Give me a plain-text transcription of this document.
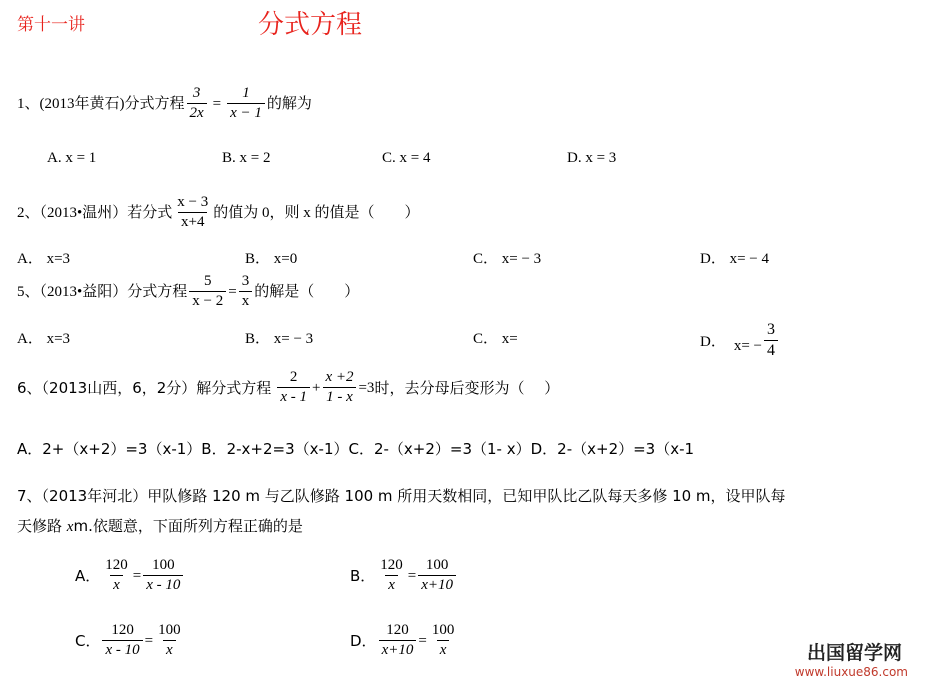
第十一讲	分式方程
1、(2013年黄石)分式方程 $\frac{3}{2x} = \frac{1}{x - 1}$ 的解为
A. x = 1	B. x = 2	C. x = 4	D. x = 3
2、（2013•温州）若分式 $\frac{x - 3}{x+4}$ 的值为 0，则 x 的值是（　　）
A． x=3	B． x=0	C． x= − 3	D． x= − 4
5、（2013•益阳）分式方程 $\frac{5}{x - 2} = \frac{3}{x}$ 的解是（　　）
A． x=3	B． x= − 3	C． x=	D． $x= - \frac{3}{4}$
6、（2013山西，6，2分）解分式方程 $\frac{2}{x - 1} + \frac{x +2}{1 - x} =3$ 时，去分母后变形为（　 ）
A．2+（x+2）=3（x-1）B．2-x+2=3（x-1）C．2-（x+2）=3（1- x）D．2-（x+2）=3（x-1
7、（2013年河北）甲队修路 120 m 与乙队修路 100 m 所用天数相同，已知甲队比乙队每天多修 10 m，设甲队每
天修路 xm.依题意，下面所列方程正确的是
A． $\frac{120}{x} = \frac{100}{x - 10}$	B． $\frac{120}{x} = \frac{100}{x+10}$
C． $\frac{120}{x - 10} = \frac{100}{x}$	D． $\frac{120}{x+10} = \frac{100}{x}$	出国留学网
www.liuxue86.com
